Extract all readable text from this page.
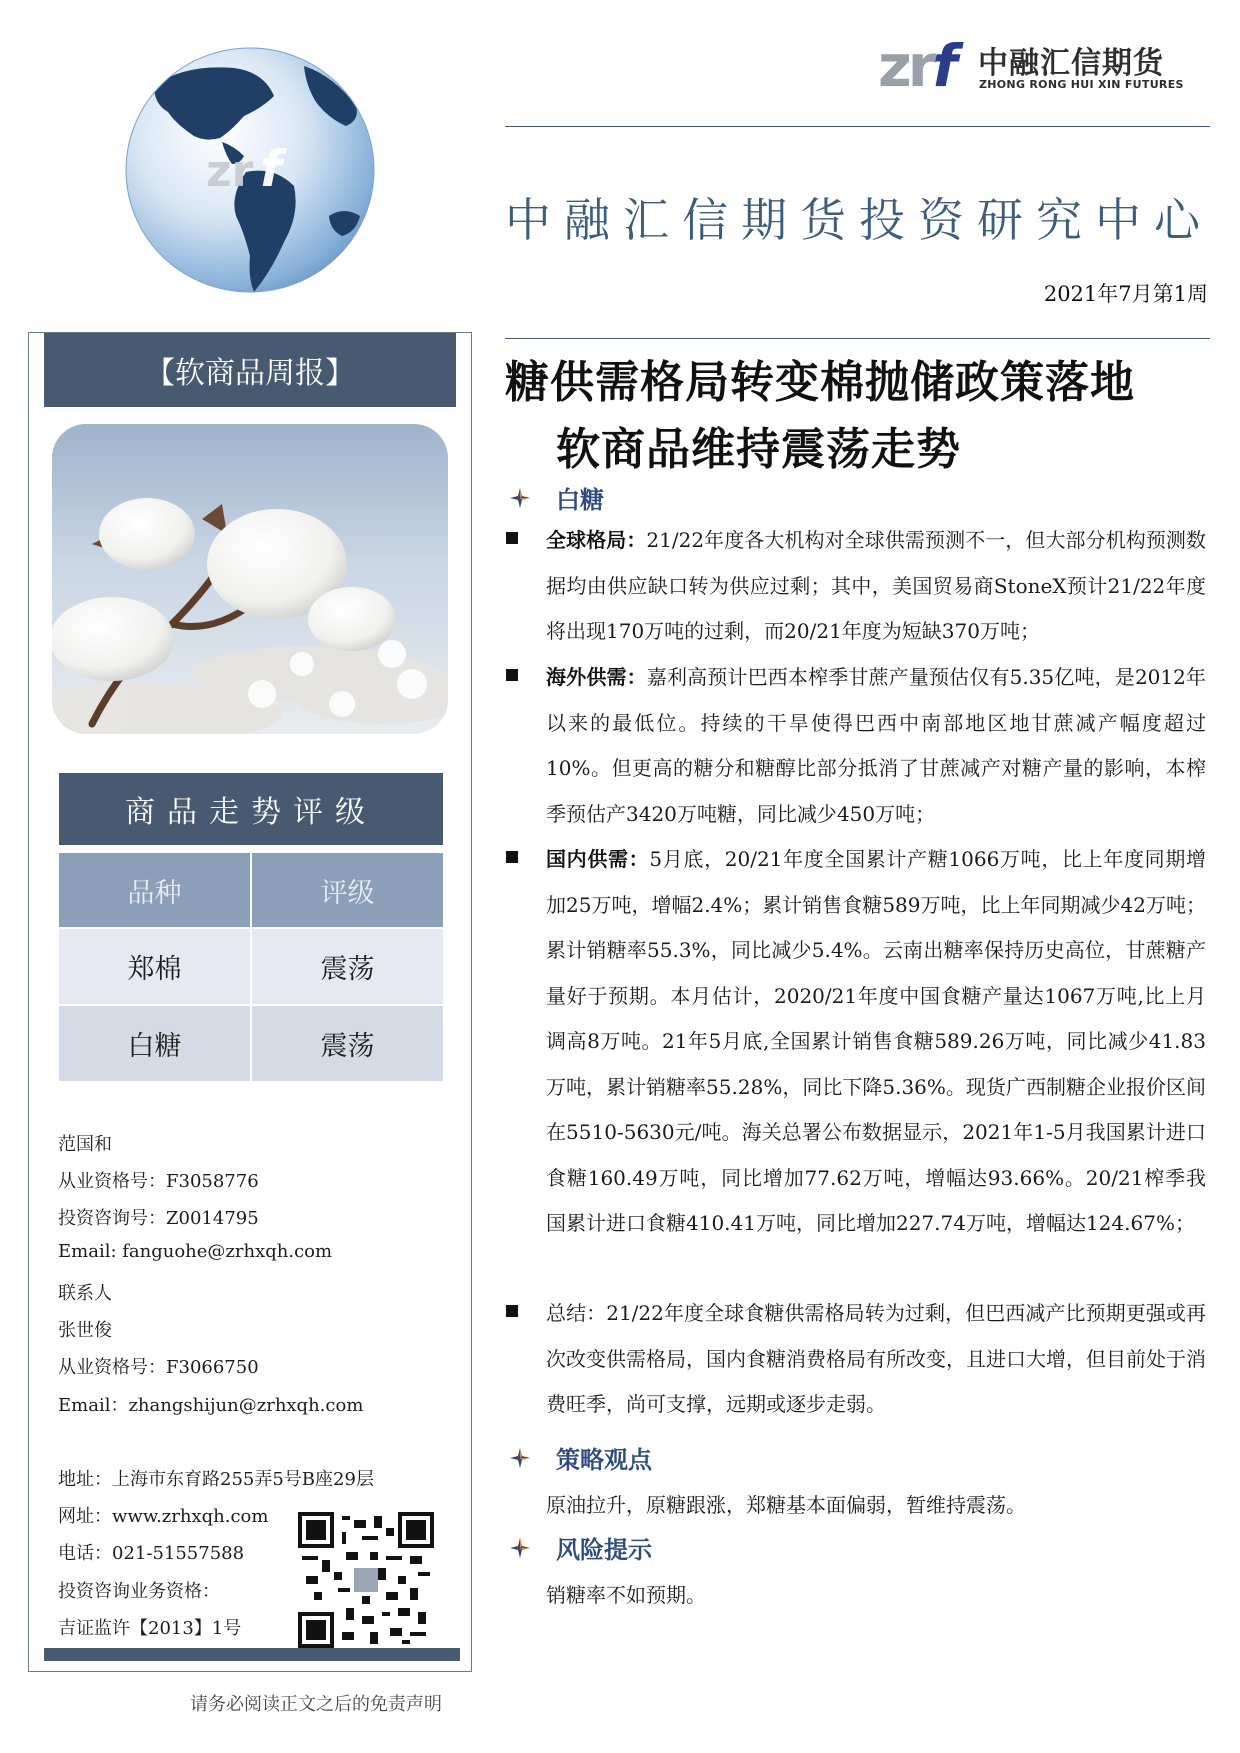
zr f
zrf 中融汇信期货
ZHONG RONG HUI XIN FUTURES
中融汇信期货投资研究中心
2021年7月第1周
【软商品周报】
商品走势评级
品种	评级
郑棉	震荡
白糖	震荡
范国和
从业资格号：F3058776
投资咨询号：Z0014795
Email: fanguohe@zrhxqh.com
联系人
张世俊
从业资格号：F3066750
Email：zhangshijun@zrhxqh.com
地址：上海市东育路255弄5号B座29层
网址：www.zrhxqh.com
电话：021-51557588
投资咨询业务资格：
吉证监许【2013】1号
请务必阅读正文之后的免责声明
糖供需格局转变棉抛储政策落地
软商品维持震荡走势
白糖
全球格局：21/22年度各大机构对全球供需预测不一，但大部分机构预测数据均由供应缺口转为供应过剩；其中，美国贸易商StoneX预计21/22年度将出现170万吨的过剩，而20/21年度为短缺370万吨；
海外供需：嘉利高预计巴西本榨季甘蔗产量预估仅有5.35亿吨，是2012年以来的最低位。持续的干旱使得巴西中南部地区地甘蔗减产幅度超过10%。但更高的糖分和糖醇比部分抵消了甘蔗减产对糖产量的影响，本榨季预估产3420万吨糖，同比减少450万吨；
国内供需：5月底，20/21年度全国累计产糖1066万吨，比上年度同期增加25万吨，增幅2.4%；累计销售食糖589万吨，比上年同期减少42万吨；累计销糖率55.3%，同比减少5.4%。云南出糖率保持历史高位，甘蔗糖产量好于预期。本月估计，2020/21年度中国食糖产量达1067万吨,比上月调高8万吨。21年5月底,全国累计销售食糖589.26万吨，同比减少41.83万吨，累计销糖率55.28%，同比下降5.36%。现货广西制糖企业报价区间在5510-5630元/吨。海关总署公布数据显示，2021年1-5月我国累计进口食糖160.49万吨，同比增加77.62万吨，增幅达93.66%。20/21榨季我国累计进口食糖410.41万吨，同比增加227.74万吨，增幅达124.67%；
总结：21/22年度全球食糖供需格局转为过剩，但巴西减产比预期更强或再次改变供需格局，国内食糖消费格局有所改变，且进口大增，但目前处于消费旺季，尚可支撑，远期或逐步走弱。
策略观点
原油拉升，原糖跟涨，郑糖基本面偏弱，暂维持震荡。
风险提示
销糖率不如预期。
